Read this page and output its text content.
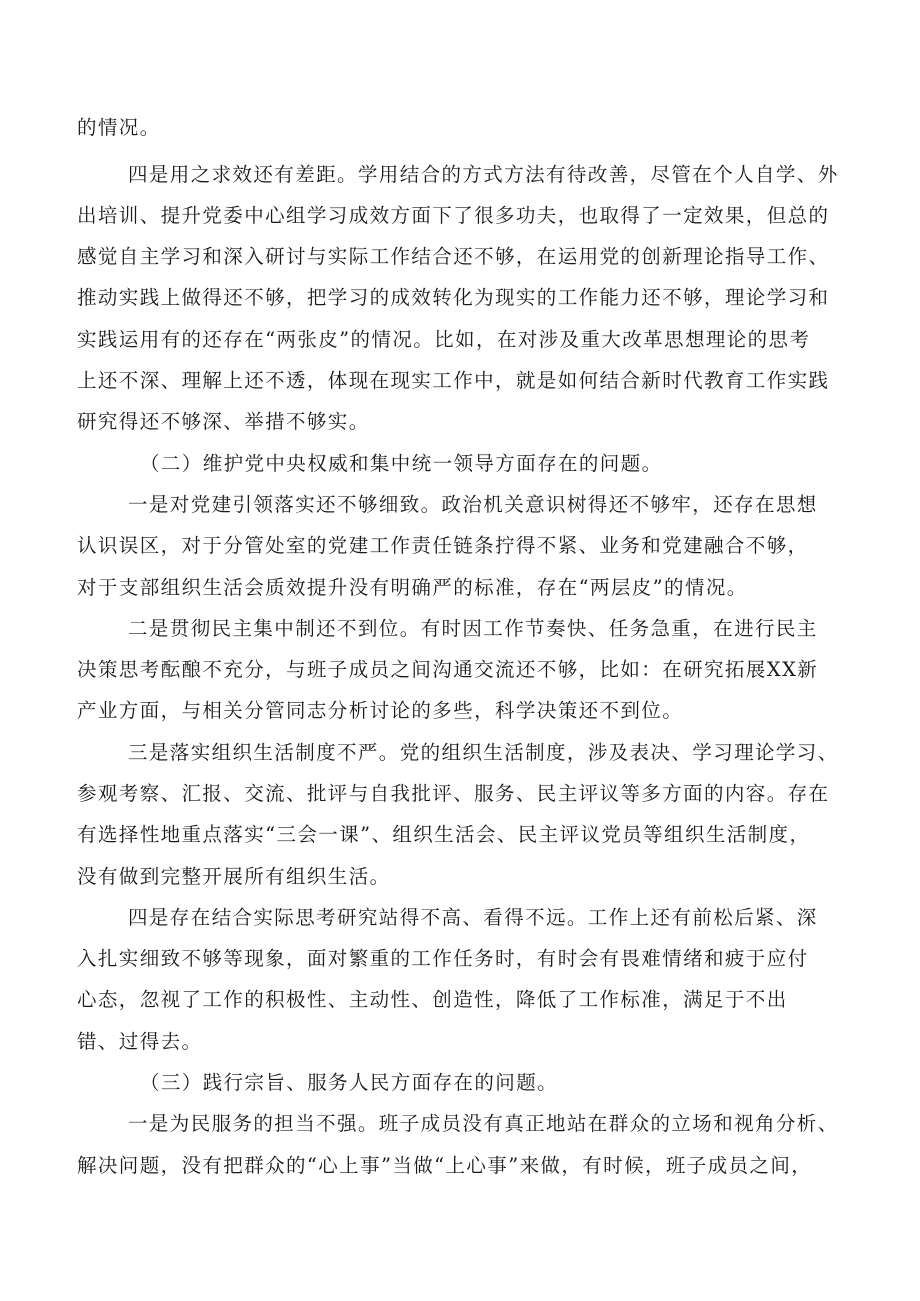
的情况。
四是用之求效还有差距。学用结合的方式方法有待改善，尽管在个人自学、外
出培训、提升党委中心组学习成效方面下了很多功夫，也取得了一定效果，但总的
感觉自主学习和深入研讨与实际工作结合还不够，在运用党的创新理论指导工作、
推动实践上做得还不够，把学习的成效转化为现实的工作能力还不够，理论学习和
实践运用有的还存在“两张皮”的情况。比如，在对涉及重大改革思想理论的思考
上还不深、理解上还不透，体现在现实工作中，就是如何结合新时代教育工作实践
研究得还不够深、举措不够实。
（二）维护党中央权威和集中统一领导方面存在的问题。
一是对党建引领落实还不够细致。政治机关意识树得还不够牢，还存在思想
认识误区，对于分管处室的党建工作责任链条拧得不紧、业务和党建融合不够，
对于支部组织生活会质效提升没有明确严的标准，存在“两层皮”的情况。
二是贯彻民主集中制还不到位。有时因工作节奏快、任务急重，在进行民主
决策思考酝酿不充分，与班子成员之间沟通交流还不够，比如：在研究拓展XX新
产业方面，与相关分管同志分析讨论的多些，科学决策还不到位。
三是落实组织生活制度不严。党的组织生活制度，涉及表决、学习理论学习、
参观考察、汇报、交流、批评与自我批评、服务、民主评议等多方面的内容。存在
有选择性地重点落实“三会一课”、组织生活会、民主评议党员等组织生活制度，
没有做到完整开展所有组织生活。
四是存在结合实际思考研究站得不高、看得不远。工作上还有前松后紧、深
入扎实细致不够等现象，面对繁重的工作任务时，有时会有畏难情绪和疲于应付
心态，忽视了工作的积极性、主动性、创造性，降低了工作标准，满足于不出
错、过得去。
（三）践行宗旨、服务人民方面存在的问题。
一是为民服务的担当不强。班子成员没有真正地站在群众的立场和视角分析、
解决问题，没有把群众的“心上事”当做“上心事”来做，有时候，班子成员之间，
